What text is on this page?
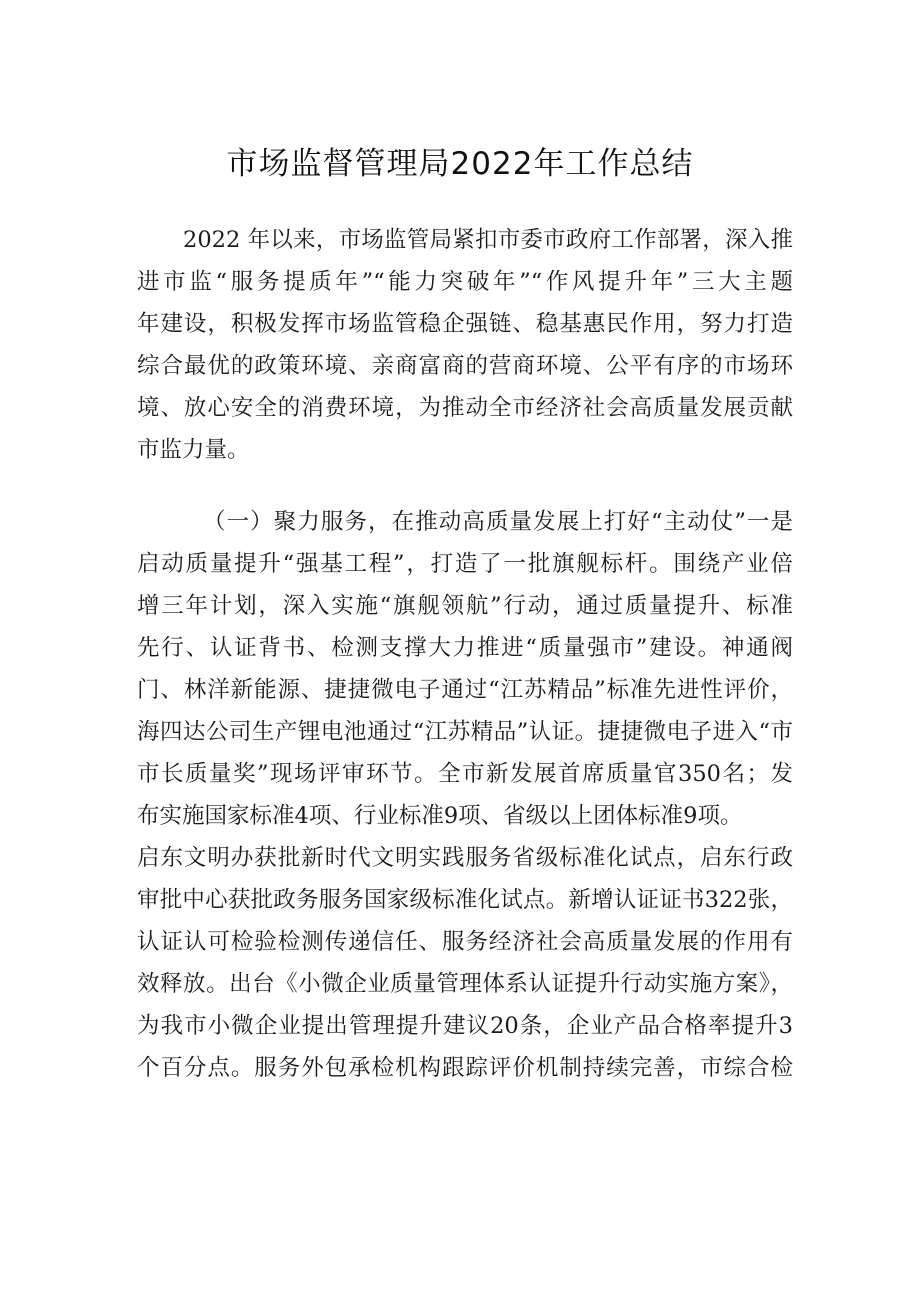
市场监督管理局2022年工作总结
2022 年以来，市场监管局紧扣市委市政府工作部署，深入推
进市监“服务提质年”“能力突破年”“作风提升年”三大主题
年建设，积极发挥市场监管稳企强链、稳基惠民作用，努力打造
综合最优的政策环境、亲商富商的营商环境、公平有序的市场环
境、放心安全的消费环境，为推动全市经济社会高质量发展贡献
市监力量。
（一）聚力服务，在推动高质量发展上打好“主动仗”一是
启动质量提升“强基工程”，打造了一批旗舰标杆。围绕产业倍
增三年计划，深入实施“旗舰领航”行动，通过质量提升、标准
先行、认证背书、检测支撑大力推进“质量强市”建设。神通阀
门、林洋新能源、捷捷微电子通过“江苏精品”标准先进性评价，
海四达公司生产锂电池通过“江苏精品”认证。捷捷微电子进入“市
市长质量奖”现场评审环节。全市新发展首席质量官350名；发
布实施国家标准4项、行业标准9项、省级以上团体标准9项。
启东文明办获批新时代文明实践服务省级标准化试点，启东行政
审批中心获批政务服务国家级标准化试点。新增认证证书322张，
认证认可检验检测传递信任、服务经济社会高质量发展的作用有
效释放。出台《小微企业质量管理体系认证提升行动实施方案》，
为我市小微企业提出管理提升建议20条，企业产品合格率提升3
个百分点。服务外包承检机构跟踪评价机制持续完善，市综合检
